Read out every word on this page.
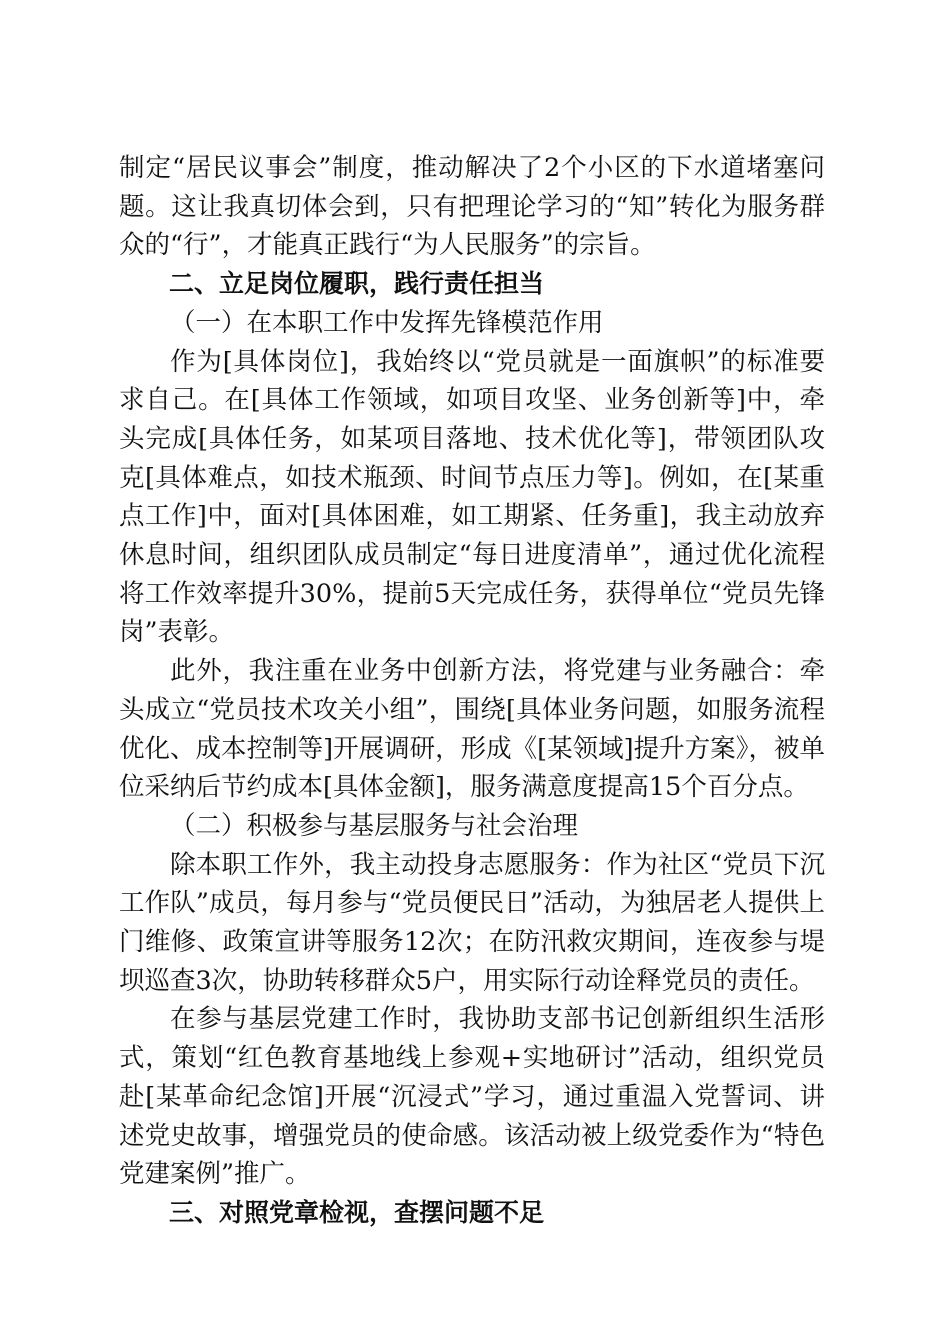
制定“居民议事会”制度，推动解决了2个小区的下水道堵塞问题。这让我真切体会到，只有把理论学习的“知”转化为服务群众的“行”，才能真正践行“为人民服务”的宗旨。

二、立足岗位履职，践行责任担当

（一）在本职工作中发挥先锋模范作用

作为[具体岗位]，我始终以“党员就是一面旗帜”的标准要求自己。在[具体工作领域，如项目攻坚、业务创新等]中，牵头完成[具体任务，如某项目落地、技术优化等]，带领团队攻克[具体难点，如技术瓶颈、时间节点压力等]。例如，在[某重点工作]中，面对[具体困难，如工期紧、任务重]，我主动放弃休息时间，组织团队成员制定“每日进度清单”，通过优化流程将工作效率提升30%，提前5天完成任务，获得单位“党员先锋岗”表彰。

此外，我注重在业务中创新方法，将党建与业务融合：牵头成立“党员技术攻关小组”，围绕[具体业务问题，如服务流程优化、成本控制等]开展调研，形成《[某领域]提升方案》，被单位采纳后节约成本[具体金额]，服务满意度提高15个百分点。

（二）积极参与基层服务与社会治理

除本职工作外，我主动投身志愿服务：作为社区“党员下沉工作队”成员，每月参与“党员便民日”活动，为独居老人提供上门维修、政策宣讲等服务12次；在防汛救灾期间，连夜参与堤坝巡查3次，协助转移群众5户，用实际行动诠释党员的责任。

在参与基层党建工作时，我协助支部书记创新组织生活形式，策划“红色教育基地线上参观+实地研讨”活动，组织党员赴[某革命纪念馆]开展“沉浸式”学习，通过重温入党誓词、讲述党史故事，增强党员的使命感。该活动被上级党委作为“特色党建案例”推广。

三、对照党章检视，查摆问题不足
